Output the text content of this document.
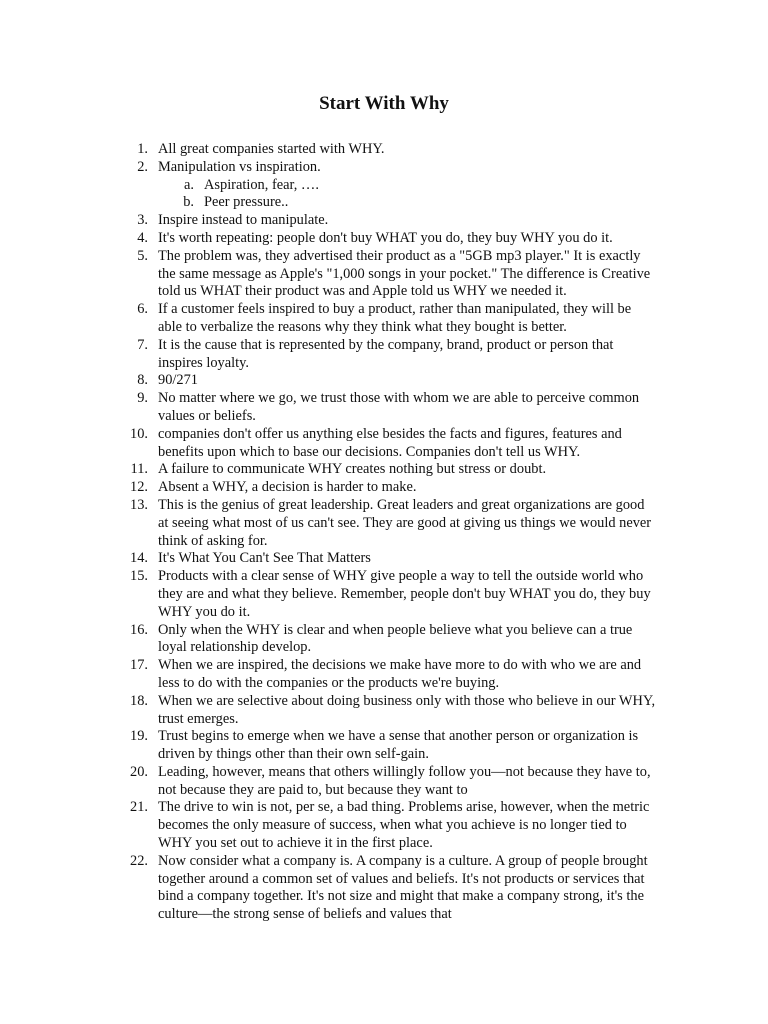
Start With Why
1. All great companies started with WHY.
2. Manipulation vs inspiration.
a. Aspiration, fear, ….
b. Peer pressure..
3. Inspire instead to manipulate.
4. It's worth repeating: people don't buy WHAT you do, they buy WHY you do it.
5. The problem was, they advertised their product as a "5GB mp3 player." It is exactly the same message as Apple's "1,000 songs in your pocket." The difference is Creative told us WHAT their product was and Apple told us WHY we needed it.
6. If a customer feels inspired to buy a product, rather than manipulated, they will be able to verbalize the reasons why they think what they bought is better.
7. It is the cause that is represented by the company, brand, product or person that inspires loyalty.
8. 90/271
9. No matter where we go, we trust those with whom we are able to perceive common values or beliefs.
10. companies don't offer us anything else besides the facts and figures, features and benefits upon which to base our decisions. Companies don't tell us WHY.
11. A failure to communicate WHY creates nothing but stress or doubt.
12. Absent a WHY, a decision is harder to make.
13. This is the genius of great leadership. Great leaders and great organizations are good at seeing what most of us can't see. They are good at giving us things we would never think of asking for.
14. It's What You Can't See That Matters
15. Products with a clear sense of WHY give people a way to tell the outside world who they are and what they believe. Remember, people don't buy WHAT you do, they buy WHY you do it.
16. Only when the WHY is clear and when people believe what you believe can a true loyal relationship develop.
17. When we are inspired, the decisions we make have more to do with who we are and less to do with the companies or the products we're buying.
18. When we are selective about doing business only with those who believe in our WHY, trust emerges.
19. Trust begins to emerge when we have a sense that another person or organization is driven by things other than their own self-gain.
20. Leading, however, means that others willingly follow you—not because they have to, not because they are paid to, but because they want to
21. The drive to win is not, per se, a bad thing. Problems arise, however, when the metric becomes the only measure of success, when what you achieve is no longer tied to WHY you set out to achieve it in the first place.
22. Now consider what a company is. A company is a culture. A group of people brought together around a common set of values and beliefs. It's not products or services that bind a company together. It's not size and might that make a company strong, it's the culture—the strong sense of beliefs and values that
